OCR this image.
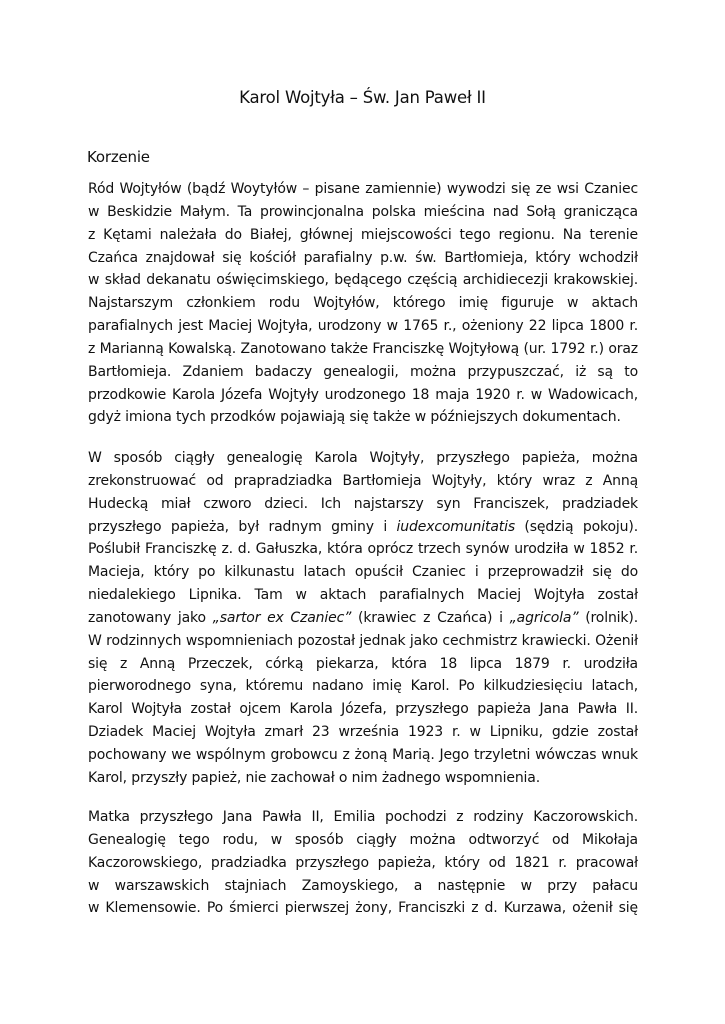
Karol Wojtyła – Św. Jan Paweł II
Korzenie

Ród Wojtyłów (bądź Woytyłów – pisane zamiennie) wywodzi się ze wsi Czaniec
w Beskidzie Małym. Ta prowincjonalna polska mieścina nad Sołą granicząca
z Kętami należała do Białej, głównej miejscowości tego regionu. Na terenie
Czańca znajdował się kościół parafialny p.w. św. Bartłomieja, który wchodził
w skład dekanatu oświęcimskiego, będącego częścią archidiecezji krakowskiej.
Najstarszym członkiem rodu Wojtyłów, którego imię figuruje w aktach
parafialnych jest Maciej Wojtyła, urodzony w 1765 r., ożeniony 22 lipca 1800 r.
z Marianną Kowalską. Zanotowano także Franciszkę Wojtyłową (ur. 1792 r.) oraz
Bartłomieja. Zdaniem badaczy genealogii, można przypuszczać, iż są to
przodkowie Karola Józefa Wojtyły urodzonego 18 maja 1920 r. w Wadowicach,
gdyż imiona tych przodków pojawiają się także w późniejszych dokumentach.

W sposób ciągły genealogię Karola Wojtyły, przyszłego papieża, można
zrekonstruować od prapradziadka Bartłomieja Wojtyły, który wraz z Anną
Hudecką miał czworo dzieci. Ich najstarszy syn Franciszek, pradziadek
przyszłego papieża, był radnym gminy i iudexcomunitatis (sędzią pokoju).
Poślubił Franciszkę z. d. Gałuszka, która oprócz trzech synów urodziła w 1852 r.
Macieja, który po kilkunastu latach opuścił Czaniec i przeprowadził się do
niedalekiego Lipnika. Tam w aktach parafialnych Maciej Wojtyła został
zanotowany jako „sartor ex Czaniec” (krawiec z Czańca) i „agricola” (rolnik).
W rodzinnych wspomnieniach pozostał jednak jako cechmistrz krawiecki. Ożenił
się z Anną Przeczek, córką piekarza, która 18 lipca 1879 r. urodziła
pierworodnego syna, któremu nadano imię Karol. Po kilkudziesięciu latach,
Karol Wojtyła został ojcem Karola Józefa, przyszłego papieża Jana Pawła II.
Dziadek Maciej Wojtyła zmarł 23 września 1923 r. w Lipniku, gdzie został
pochowany we wspólnym grobowcu z żoną Marią. Jego trzyletni wówczas wnuk
Karol, przyszły papież, nie zachował o nim żadnego wspomnienia.

Matka przyszłego Jana Pawła II, Emilia pochodzi z rodziny Kaczorowskich.
Genealogię tego rodu, w sposób ciągły można odtworzyć od Mikołaja
Kaczorowskiego, pradziadka przyszłego papieża, który od 1821 r. pracował
w warszawskich stajniach Zamoyskiego, a następnie w przy pałacu
w Klemensowie. Po śmierci pierwszej żony, Franciszki z d. Kurzawa, ożenił się
